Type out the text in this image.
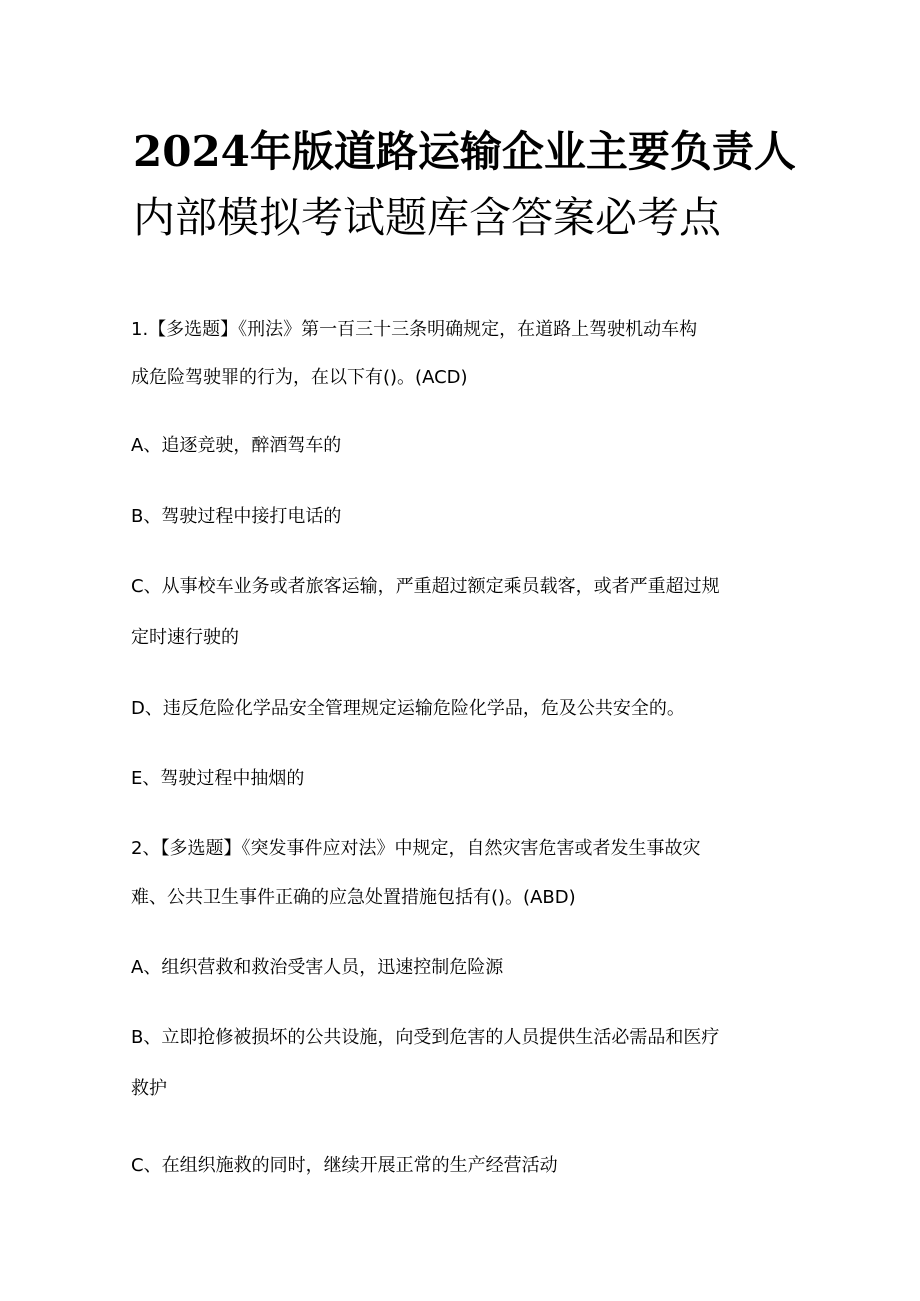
2024年版道路运输企业主要负责人
内部模拟考试题库含答案必考点

1.【多选题】《刑法》第一百三十三条明确规定，在道路上驾驶机动车构

成危险驾驶罪的行为，在以下有()。(ACD)

A、追逐竞驶，醉酒驾车的

B、驾驶过程中接打电话的

C、从事校车业务或者旅客运输，严重超过额定乘员载客，或者严重超过规

定时速行驶的

D、违反危险化学品安全管理规定运输危险化学品，危及公共安全的。

E、驾驶过程中抽烟的

2、【多选题】《突发事件应对法》中规定，自然灾害危害或者发生事故灾

难、公共卫生事件正确的应急处置措施包括有()。(ABD)

A、组织营救和救治受害人员，迅速控制危险源

B、立即抢修被损坏的公共设施，向受到危害的人员提供生活必需品和医疗

救护

C、在组织施救的同时，继续开展正常的生产经营活动
